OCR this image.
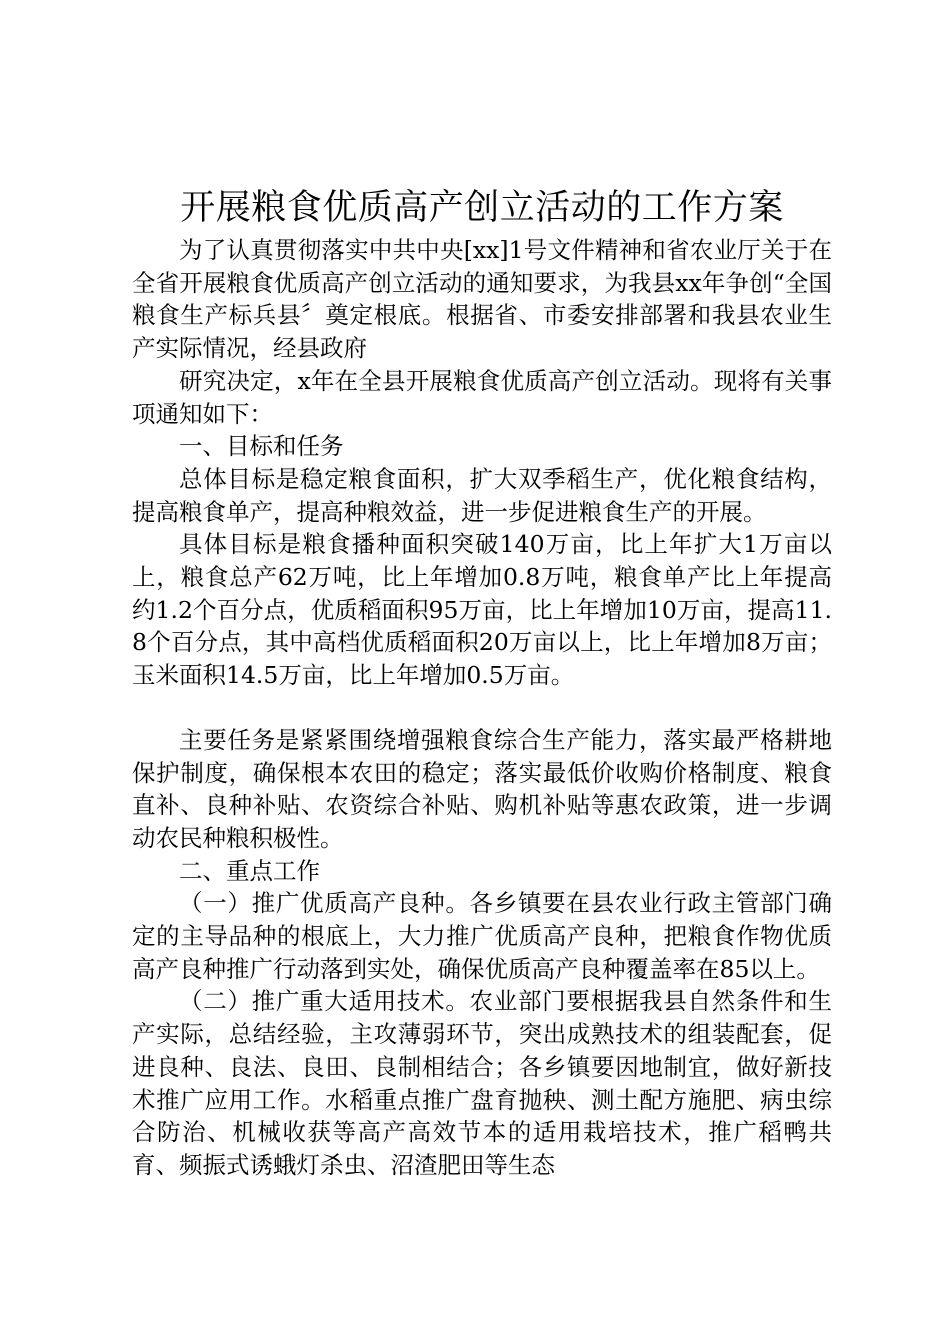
开展粮食优质高产创立活动的工作方案

为了认真贯彻落实中共中央[xx]1号文件精神和省农业厅关于在全省开展粮食优质高产创立活动的通知要求，为我县xx年争创“全国粮食生产标兵县〞奠定根底。根据省、市委安排部署和我县农业生产实际情况，经县政府

研究决定，x年在全县开展粮食优质高产创立活动。现将有关事项通知如下：

一、目标和任务

总体目标是稳定粮食面积，扩大双季稻生产，优化粮食结构，提高粮食单产，提高种粮效益，进一步促进粮食生产的开展。

具体目标是粮食播种面积突破140万亩，比上年扩大1万亩以上，粮食总产62万吨，比上年增加0.8万吨，粮食单产比上年提高约1.2个百分点，优质稻面积95万亩，比上年增加10万亩，提高11.8个百分点，其中高档优质稻面积20万亩以上，比上年增加8万亩；玉米面积14.5万亩，比上年增加0.5万亩。

主要任务是紧紧围绕增强粮食综合生产能力，落实最严格耕地保护制度，确保根本农田的稳定；落实最低价收购价格制度、粮食直补、良种补贴、农资综合补贴、购机补贴等惠农政策，进一步调动农民种粮积极性。

二、重点工作

（一）推广优质高产良种。各乡镇要在县农业行政主管部门确定的主导品种的根底上，大力推广优质高产良种，把粮食作物优质高产良种推广行动落到实处，确保优质高产良种覆盖率在85以上。

（二）推广重大适用技术。农业部门要根据我县自然条件和生产实际，总结经验，主攻薄弱环节，突出成熟技术的组装配套，促进良种、良法、良田、良制相结合；各乡镇要因地制宜，做好新技术推广应用工作。水稻重点推广盘育抛秧、测土配方施肥、病虫综合防治、机械收获等高产高效节本的适用栽培技术，推广稻鸭共育、频振式诱蛾灯杀虫、沼渣肥田等生态
